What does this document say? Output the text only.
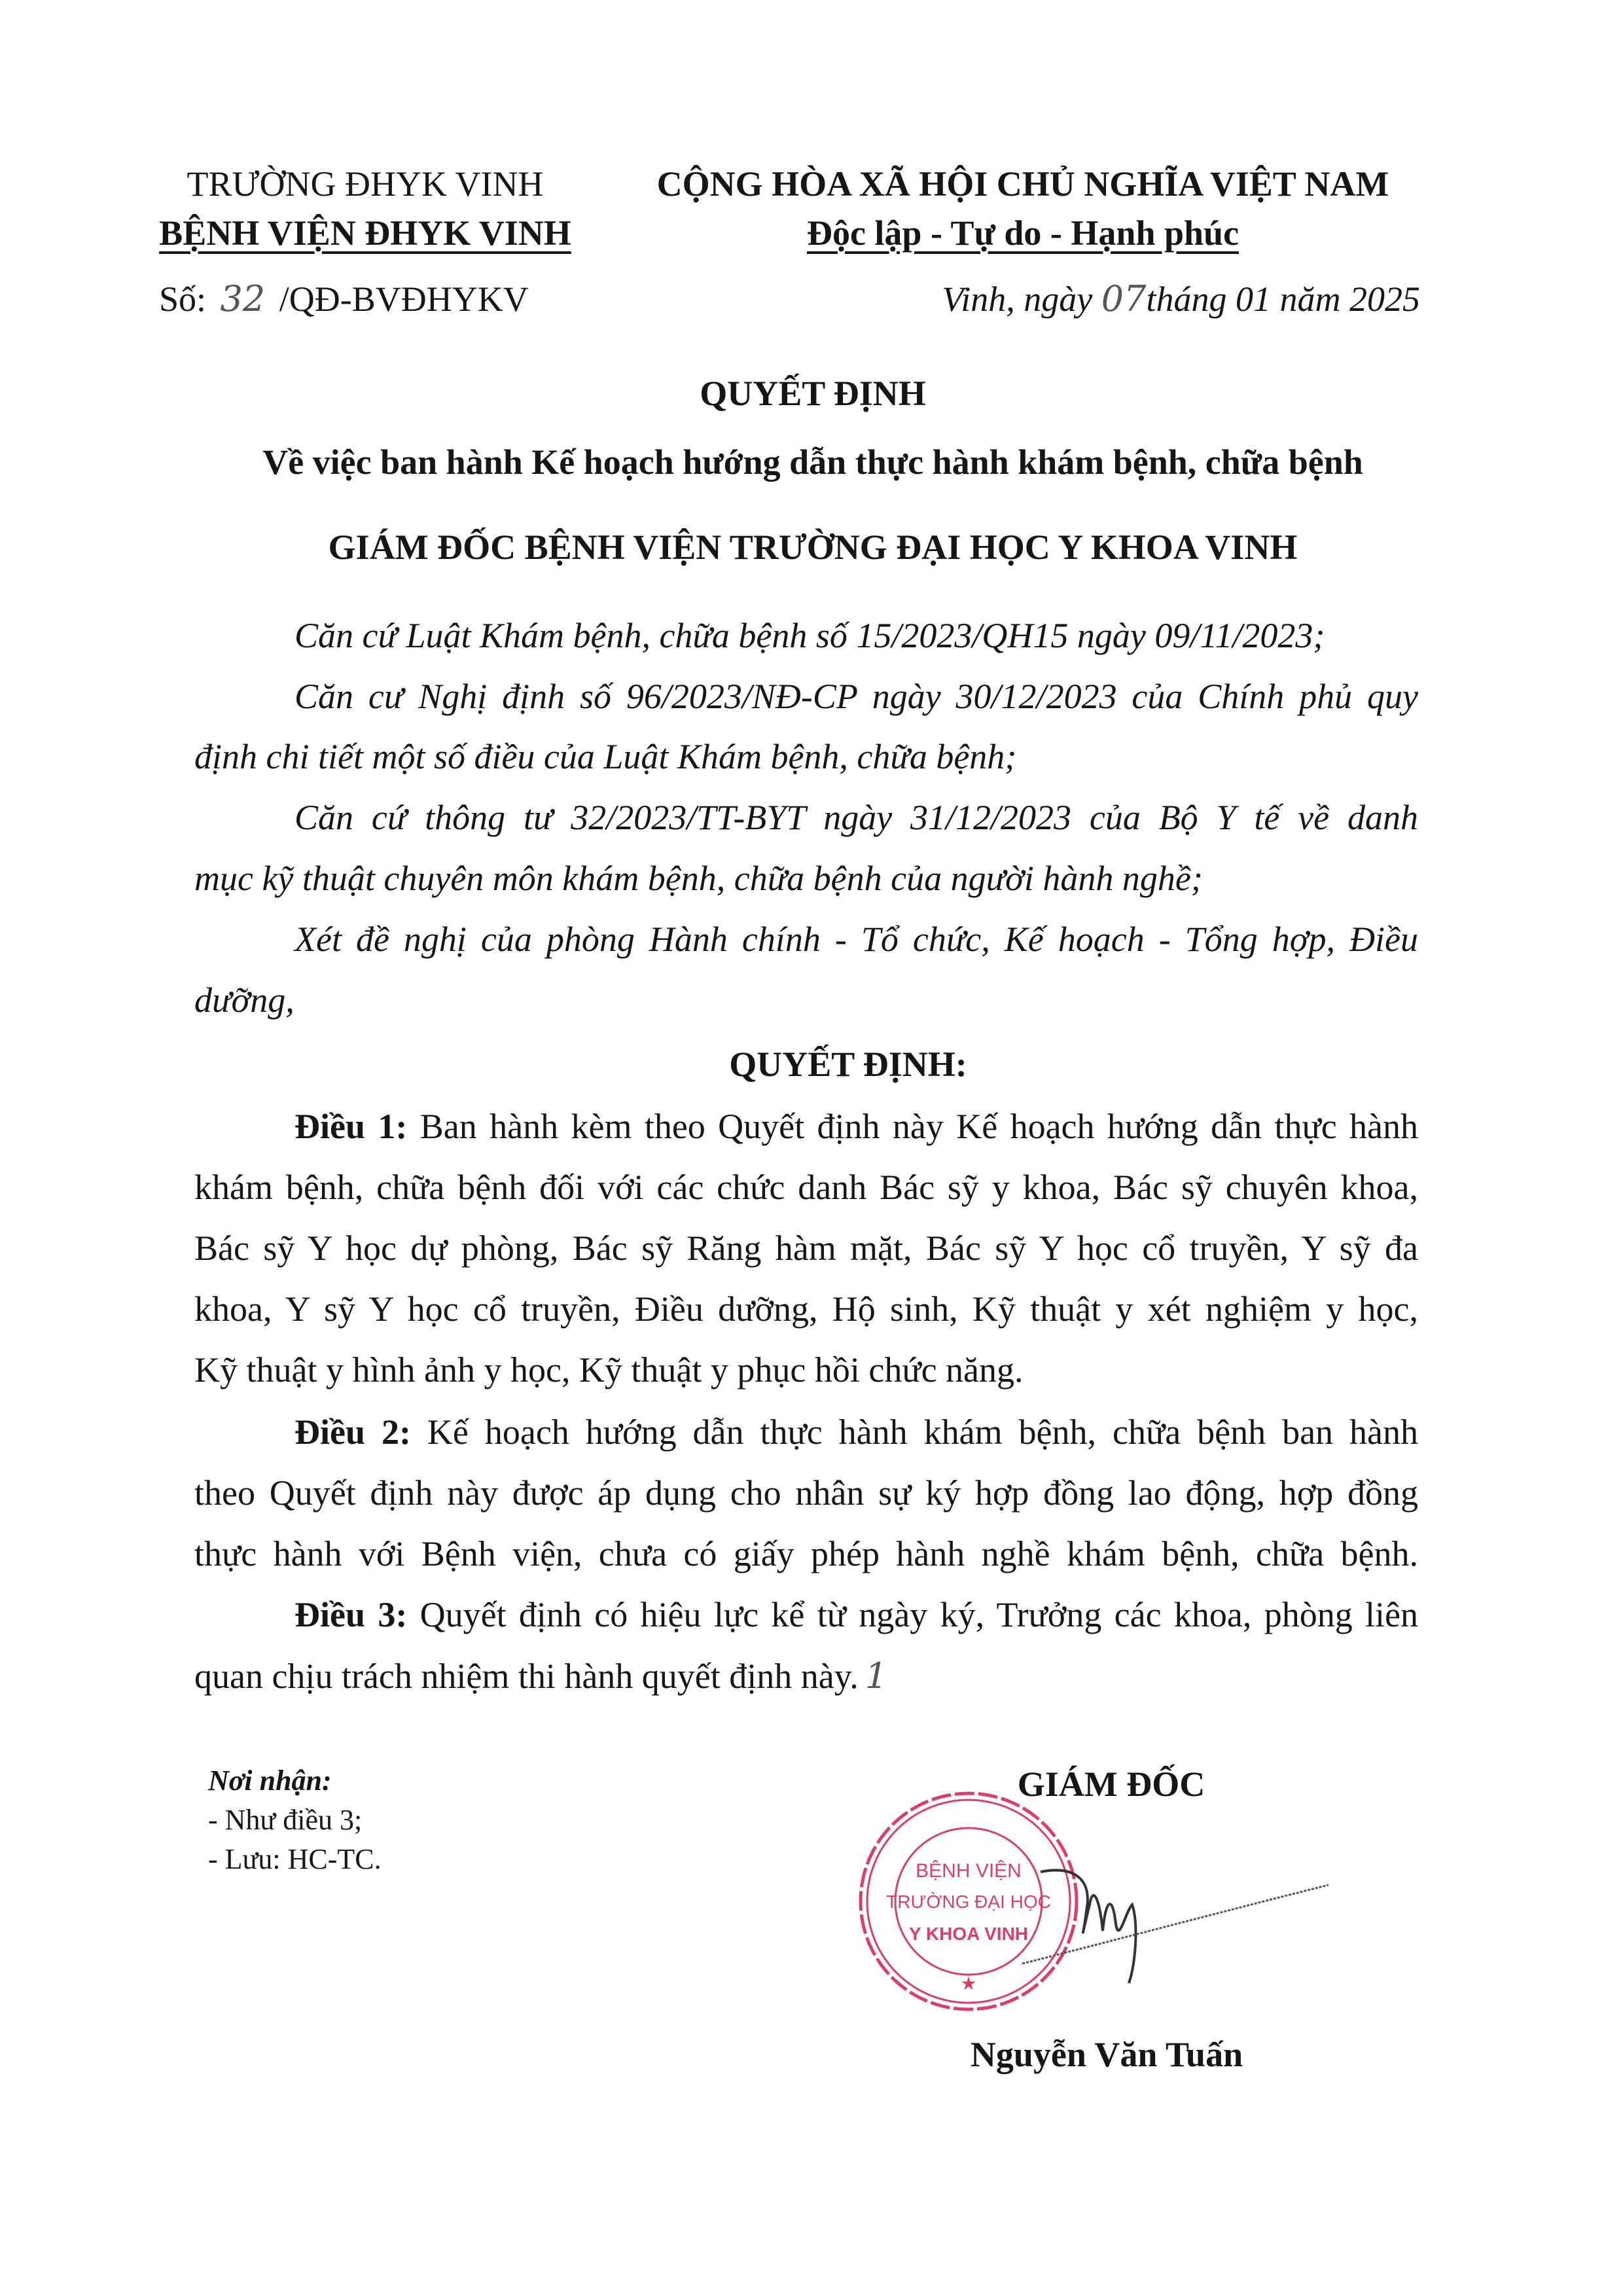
TRƯỜNG ĐHYK VINH
BỆNH VIỆN ĐHYK VINH
CỘNG HÒA XÃ HỘI CHỦ NGHĨA VIỆT NAM
Độc lập - Tự do - Hạnh phúc
Số: 32 /QĐ-BVĐHYKV	Vinh, ngày 07tháng 01 năm 2025
QUYẾT ĐỊNH
Về việc ban hành Kế hoạch hướng dẫn thực hành khám bệnh, chữa bệnh
GIÁM ĐỐC BỆNH VIỆN TRƯỜNG ĐẠI HỌC Y KHOA VINH
Căn cứ Luật Khám bệnh, chữa bệnh số 15/2023/QH15 ngày 09/11/2023;
Căn cư Nghị định số 96/2023/NĐ-CP ngày 30/12/2023 của Chính phủ quy
định chi tiết một số điều của Luật Khám bệnh, chữa bệnh;
Căn cứ thông tư 32/2023/TT-BYT ngày 31/12/2023 của Bộ Y tế về danh
mục kỹ thuật chuyên môn khám bệnh, chữa bệnh của người hành nghề;
Xét đề nghị của phòng Hành chính - Tổ chức, Kế hoạch - Tổng hợp, Điều
dưỡng,
QUYẾT ĐỊNH:
Điều 1: Ban hành kèm theo Quyết định này Kế hoạch hướng dẫn thực hành
khám bệnh, chữa bệnh đối với các chức danh Bác sỹ y khoa, Bác sỹ chuyên khoa,
Bác sỹ Y học dự phòng, Bác sỹ Răng hàm mặt, Bác sỹ Y học cổ truyền, Y sỹ đa
khoa, Y sỹ Y học cổ truyền, Điều dưỡng, Hộ sinh, Kỹ thuật y xét nghiệm y học,
Kỹ thuật y hình ảnh y học, Kỹ thuật y phục hồi chức năng.
Điều 2: Kế hoạch hướng dẫn thực hành khám bệnh, chữa bệnh ban hành
theo Quyết định này được áp dụng cho nhân sự ký hợp đồng lao động, hợp đồng
thực hành với Bệnh viện, chưa có giấy phép hành nghề khám bệnh, chữa bệnh.
Điều 3: Quyết định có hiệu lực kể từ ngày ký, Trưởng các khoa, phòng liên
quan chịu trách nhiệm thi hành quyết định này. 1
Nơi nhận:
- Như điều 3;
- Lưu: HC-TC.	BỆNH VIỆN
TRƯỜNG ĐẠI HỌC
Y KHOA VINH
★
GIÁM ĐỐC
Nguyễn Văn Tuấn
